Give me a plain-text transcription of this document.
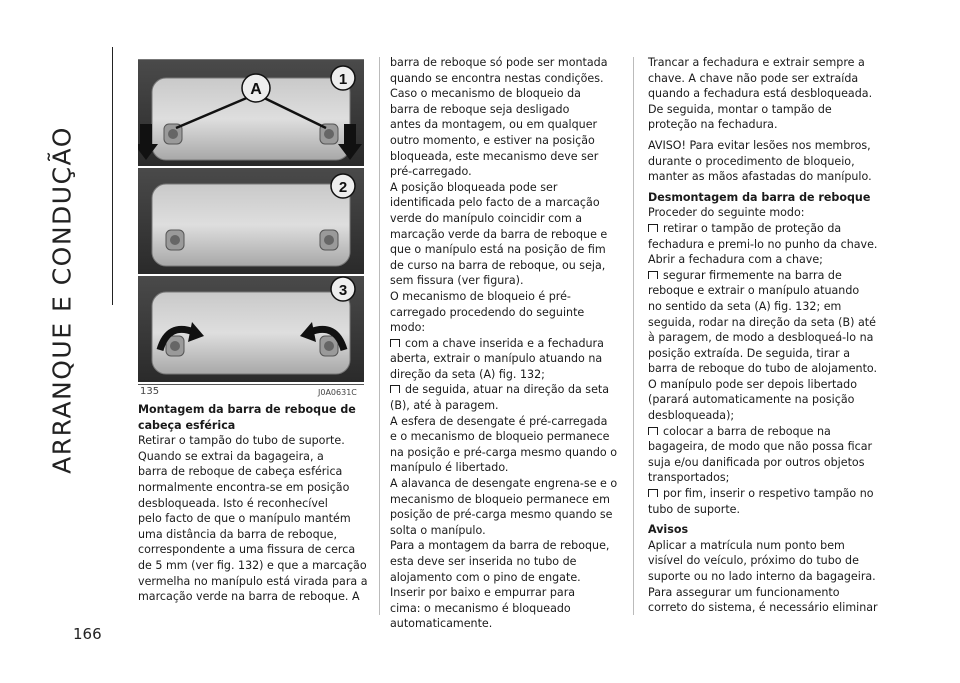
ARRANQUE E CONDUÇÃO
166
A
1
2
3
135	J0A0631C
Montagem da barra de reboque de cabeça esférica

Retirar o tampão do tubo de suporte.

Quando se extrai da bagageira, a

barra de reboque de cabeça esférica

normalmente encontra-se em posição

desbloqueada. Isto é reconhecível

pelo facto de que o manípulo mantém

uma distância da barra de reboque,

correspondente a uma fissura de cerca

de 5 mm (ver fig. 132) e que a marcação

vermelha no manípulo está virada para a

marcação verde na barra de reboque. A

barra de reboque só pode ser montada

quando se encontra nestas condições.

Caso o mecanismo de bloqueio da

barra de reboque seja desligado

antes da montagem, ou em qualquer

outro momento, e estiver na posição

bloqueada, este mecanismo deve ser

pré-carregado.

A posição bloqueada pode ser

identificada pelo facto de a marcação

verde do manípulo coincidir com a

marcação verde da barra de reboque e

que o manípulo está na posição de fim

de curso na barra de reboque, ou seja,

sem fissura (ver figura).

O mecanismo de bloqueio é pré-

carregado procedendo do seguinte modo:

com a chave inserida e a fechadura

aberta, extrair o manípulo atuando na

direção da seta (A) fig. 132;

de seguida, atuar na direção da seta

(B), até à paragem.

A esfera de desengate é pré-carregada

e o mecanismo de bloqueio permanece

na posição e pré-carga mesmo quando o

manípulo é libertado.

A alavanca de desengate engrena-se e o

mecanismo de bloqueio permanece em

posição de pré-carga mesmo quando se

solta o manípulo.

Para a montagem da barra de reboque,

esta deve ser inserida no tubo de

alojamento com o pino de engate.

Inserir por baixo e empurrar para

cima: o mecanismo é bloqueado

automaticamente.

Trancar a fechadura e extrair sempre a

chave. A chave não pode ser extraída

quando a fechadura está desbloqueada.

De seguida, montar o tampão de

proteção na fechadura.

AVISO! Para evitar lesões nos membros,

durante o procedimento de bloqueio,

manter as mãos afastadas do manípulo.

Desmontagem da barra de reboque

Proceder do seguinte modo:

retirar o tampão de proteção da

fechadura e premi-lo no punho da chave.

Abrir a fechadura com a chave;

segurar firmemente na barra de

reboque e extrair o manípulo atuando

no sentido da seta (A) fig. 132; em

seguida, rodar na direção da seta (B) até

à paragem, de modo a desbloqueá-lo na

posição extraída. De seguida, tirar a

barra de reboque do tubo de alojamento.

O manípulo pode ser depois libertado

(parará automaticamente na posição

desbloqueada);

colocar a barra de reboque na

bagageira, de modo que não possa ficar

suja e/ou danificada por outros objetos

transportados;

por fim, inserir o respetivo tampão no

tubo de suporte.

Avisos

Aplicar a matrícula num ponto bem

visível do veículo, próximo do tubo de

suporte ou no lado interno da bagageira.

Para assegurar um funcionamento

correto do sistema, é necessário eliminar
